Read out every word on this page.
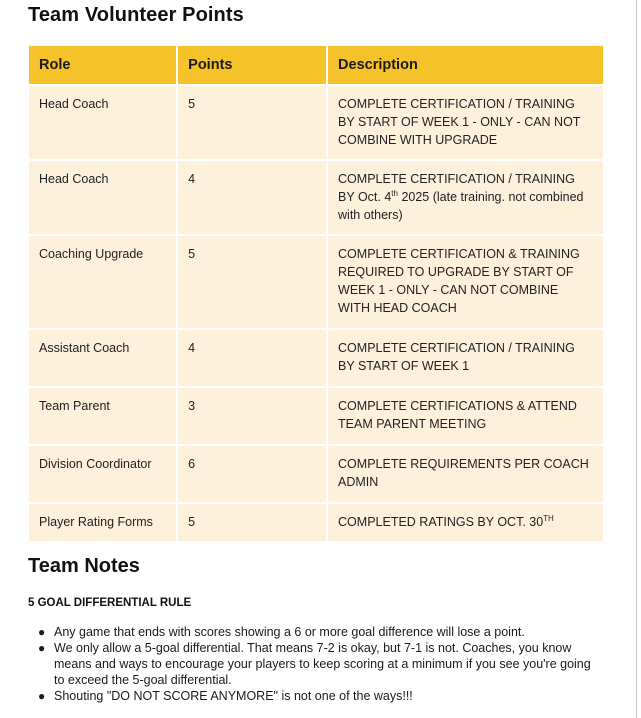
Team Volunteer Points
Role	Points	Description
Head Coach	5	COMPLETE CERTIFICATION / TRAINING BY START OF WEEK 1 - ONLY - CAN NOT COMBINE WITH UPGRADE
Head Coach	4	COMPLETE CERTIFICATION / TRAINING BY Oct. 4th 2025 (late training. not combined with others)
Coaching Upgrade	5	COMPLETE CERTIFICATION & TRAINING REQUIRED TO UPGRADE BY START OF WEEK 1 - ONLY - CAN NOT COMBINE WITH HEAD COACH
Assistant Coach	4	COMPLETE CERTIFICATION / TRAINING BY START OF WEEK 1
Team Parent	3	COMPLETE CERTIFICATIONS & ATTEND TEAM PARENT MEETING
Division Coordinator	6	COMPLETE REQUIREMENTS PER COACH ADMIN
Player Rating Forms	5	COMPLETED RATINGS BY OCT. 30TH
Team Notes
5 GOAL DIFFERENTIAL RULE
● Any game that ends with scores showing a 6 or more goal difference will lose a point.
● We only allow a 5-goal differential. That means 7-2 is okay, but 7-1 is not. Coaches, you know means and ways to encourage your players to keep scoring at a minimum if you see you're going to exceed the 5-goal differential.
● Shouting "DO NOT SCORE ANYMORE" is not one of the ways!!!
